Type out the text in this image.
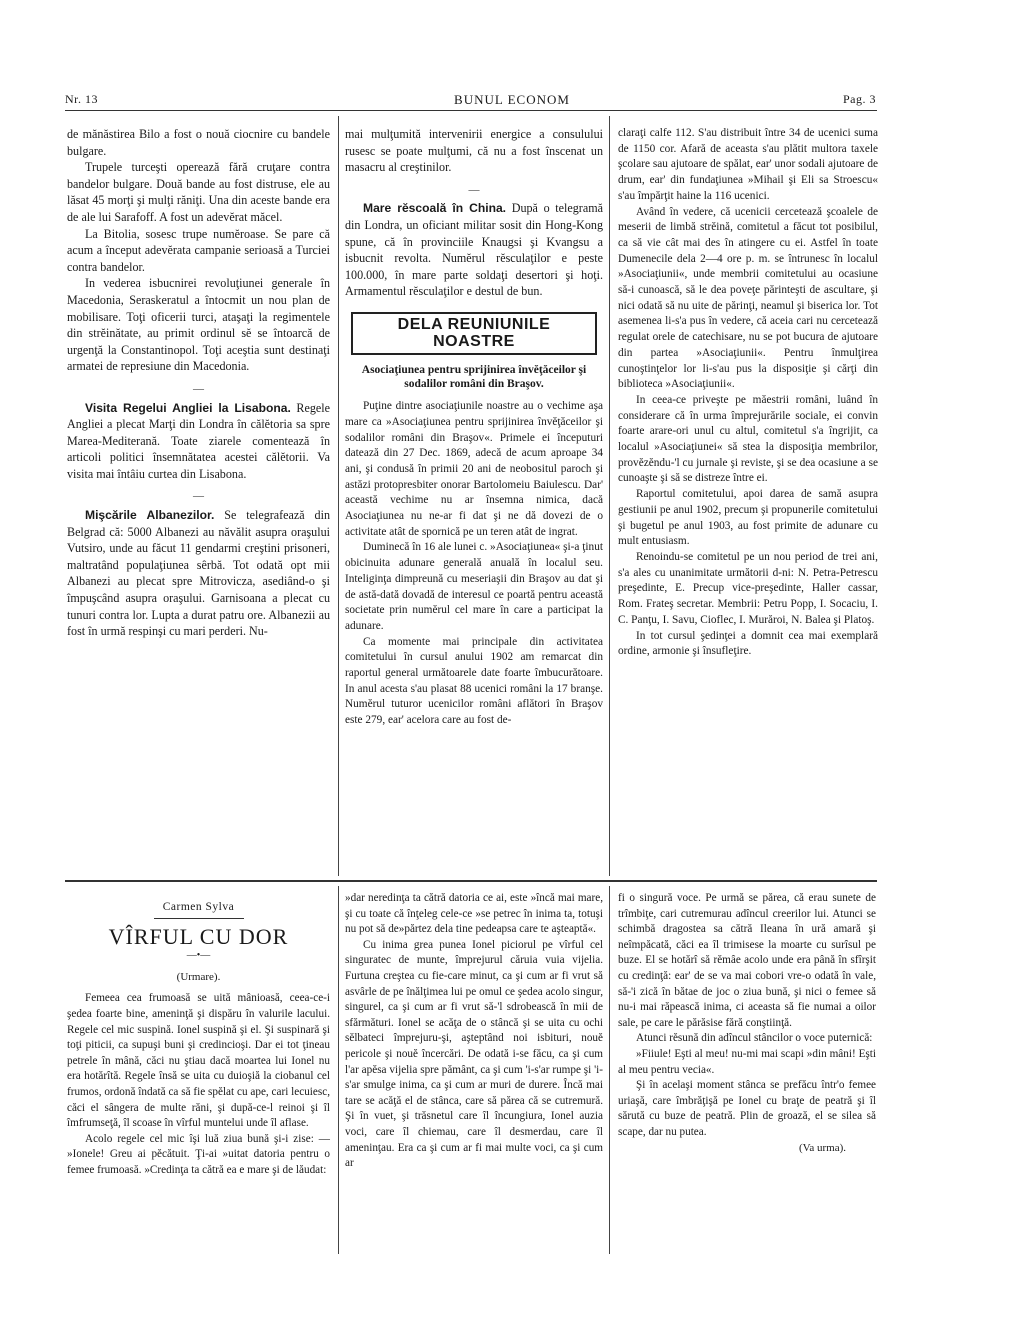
Nr. 13	BUNUL ECONOM	Pag. 3

de mănăstirea Bilo a fost o nouă ciocnire cu bandele bulgare.

Trupele turceşti operează fără cruţare contra bandelor bulgare. Două bande au fost distruse, ele au lăsat 45 morţi şi mulţi răniţi. Una din aceste bande era de ale lui Sarafoff. A fost un adevĕrat măcel.

La Bitolia, sosesc trupe numĕroase. Se pare că acum a început adevĕrata campanie serioasă a Turciei contra bandelor.

In vederea isbucnirei revoluţiunei generale în Macedonia, Seraskeratul a întocmit un nou plan de mobilisare. Toţi oficerii turci, ataşaţi la regimentele din strĕinătate, au primit ordinul sĕ se întoarcă de urgenţă la Constantinopol. Toţi aceştia sunt destinaţi armatei de represiune din Macedonia.

—

Visita Regelui Angliei la Lisabona. Regele Angliei a plecat Marţi din Londra în călĕtoria sa spre Marea-Mediterană. Toate ziarele comentează în articoli politici însemnătatea acestei călĕtorii. Va visita mai întâiu curtea din Lisabona.

—

Mişcările Albanezilor. Se telegrafează din Belgrad că: 5000 Albanezi au năvălit asupra oraşului Vutsiro, unde au făcut 11 gendarmi creştini prisoneri, maltratând populaţiunea sêrbă. Tot odată opt mii Albanezi au plecat spre Mitrovicza, asediând-o şi împuşcând asupra oraşului. Garnisoana a plecat cu tunuri contra lor. Lupta a durat patru ore. Albanezii au fost în urmă respinşi cu mari perderi. Nu-

mai mulţumită intervenirii energice a consulului rusesc se poate mulţumi, că nu a fost înscenat un masacru al creştinilor.

—

Mare rĕscoală în China. După o telegramă din Londra, un oficiant militar sosit din Hong-Kong spune, că în provinciile Knaugsi şi Kvangsu a isbucnit revolta. Numĕrul rĕsculaţilor e peste 100.000, în mare parte soldaţi desertori şi hoţi. Armamentul rĕsculaţilor e destul de bun.

DELA REUNIUNILE NOASTRE
Asociaţiunea pentru sprijinirea învĕţăceilor şi sodalilor români din Braşov.

Puţine dintre asociaţiunile noastre au o vechime aşa mare ca »Asociaţiunea pentru sprijinirea învĕţăceilor şi sodalilor români din Braşov«. Primele ei începuturi datează din 27 Dec. 1869, adecă de acum aproape 34 ani, şi condusă în primii 20 ani de neobositul paroch şi astăzi protopresbiter onorar Bartolomeiu Baiulescu. Dar' această vechime nu ar însemna nimica, dacă Asociaţiunea nu ne-ar fi dat şi ne dă dovezi de o activitate atât de spornică pe un teren atât de ingrat.

Duminecă în 16 ale lunei c. »Asociaţiunea« şi-a ţinut obicinuita adunare generală anuală în localul seu. Inteliginţa dimpreună cu meseriaşii din Braşov au dat şi de astă-dată dovadă de interesul ce poartă pentru această societate prin numĕrul cel mare în care a participat la adunare.

Ca momente mai principale din activitatea comitetului în cursul anului 1902 am remarcat din raportul general următoarele date foarte îmbucurătoare. In anul acesta s'au plasat 88 ucenici români la 17 branşe. Numĕrul tuturor ucenicilor români aflători în Braşov este 279, ear' acelora care au fost de-

claraţi calfe 112. S'au distribuit între 34 de ucenici suma de 1150 cor. Afară de aceasta s'au plătit multora taxele şcolare sau ajutoare de spălat, ear' unor sodali ajutoare de drum, ear' din fundaţiunea »Mihail şi Eli sa Stroescu« s'au împărţit haine la 116 ucenici.

Având în vedere, că ucenicii cercetează şcoalele de meserii de limbă strĕină, comitetul a făcut tot posibilul, ca să vie cât mai des în atingere cu ei. Astfel în toate Dumenecile dela 2—4 ore p. m. se întrunesc în localul »Asociaţiunii«, unde membrii comitetului au ocasiune să-i cunoască, să le dea poveţe părinteşti de ascultare, şi nici odată să nu uite de părinţi, neamul şi biserica lor. Tot asemenea li-s'a pus în vedere, că aceia cari nu cercetează regulat orele de catechisare, nu se pot bucura de ajutoare din partea »Asociaţiunii«. Pentru înmulţirea cunoştinţelor lor li-s'au pus la disposiţie şi cărţi din biblioteca »Asociaţiunii«.

In ceea-ce priveşte pe măestrii români, luând în considerare că în urma împrejurările sociale, ei convin foarte arare-ori unul cu altul, comitetul s'a îngrijit, ca localul »Asociaţiunei« să stea la disposiţia membrilor, provĕzĕndu-'l cu jurnale şi reviste, şi se dea ocasiune a se cunoaşte şi să se distreze între ei.

Raportul comitetului, apoi darea de samă asupra gestiunii pe anul 1902, precum şi propunerile comitetului şi bugetul pe anul 1903, au fost primite de adunare cu mult entusiasm.

Renoindu-se comitetul pe un nou period de trei ani, s'a ales cu unanimitate următorii d-ni: N. Petra-Petrescu preşedinte, E. Precup vice-preşedinte, Haller cassar, Rom. Frateş secretar. Membrii: Petru Popp, I. Socaciu, I. C. Panţu, I. Savu, Cioflec, I. Murăroi, N. Balea şi Platoş.

In tot cursul şedinţei a domnit cea mai exemplară ordine, armonie şi însufleţire.

Carmen Sylva
VÎRFUL CU DOR
—•—
(Urmare).

Femeea cea frumoasă se uită mânioasă, ceea-ce-i şedea foarte bine, ameninţă şi dispăru în valurile lacului. Regele cel mic suspină. Ionel suspină şi el. Şi suspinară şi toţi piticii, ca supuşi buni şi credincioşi. Dar ei tot ţineau petrele în mână, căci nu ştiau dacă moartea lui Ionel nu era hotărîtă. Regele însă se uita cu duioşiă la ciobanul cel frumos, ordonă îndată ca să fie spĕlat cu ape, cari lecuiesc, căci el sângera de multe răni, şi după-ce-l reinoi şi îl îmfrumseţă, îl scoase în vîrful muntelui unde îl aflase.

Acolo regele cel mic îşi luă ziua bună şi-i zise: — »Ionele! Greu ai pĕcătuit. Ţi-ai »uitat datoria pentru o femee frumoasă. »Credinţa ta cătră ea e mare şi de lăudat:

»dar neredinţa ta cătră datoria ce ai, este »încă mai mare, şi cu toate că înţeleg cele-ce »se petrec în inima ta, totuşi nu pot să de»părtez dela tine pedeapsa care te aşteaptă«.

Cu inima grea punea Ionel piciorul pe vîrful cel singuratec de munte, împrejurul căruia vuia vijelia. Furtuna creştea cu fie-care minut, ca şi cum ar fi vrut să asvârle de pe înălţimea lui pe omul ce şedea acolo singur, singurel, ca şi cum ar fi vrut să-'l sdrobească în mii de sfărmături. Ionel se acăţa de o stâncă şi se uita cu ochi sĕlbateci împrejuru-şi, aşteptând noi isbituri, nouĕ pericole şi nouĕ încercări. De odată i-se făcu, ca şi cum l'ar apĕsa vijelia spre pământ, ca şi cum 'i-s'ar rumpe şi 'i-s'ar smulge inima, ca şi cum ar muri de durere. Încă mai tare se acăţă el de stânca, care să părea că se cutremură. Şi în vuet, şi trăsnetul care îl încungiura, Ionel auzia voci, care îl chiemau, care îl desmerdau, care îl ameninţau. Era ca şi cum ar fi mai multe voci, ca şi cum ar

fi o singură voce. Pe urmă se părea, că erau sunete de trîmbiţe, cari cutremurau adîncul creerilor lui. Atunci se schimbă dragostea sa cătră Ileana în ură amară şi neîmpăcată, căci ea îl trimisese la moarte cu surîsul pe buze. El se hotărî să rĕmâe acolo unde era până în sfîrşit cu credinţă: ear' de se va mai cobori vre-o odată în vale, să-'i zică în bătae de joc o ziua bună, şi nici o femee să nu-i mai răpească inima, ci aceasta să fie numai a oilor sale, pe care le părăsise fără conştiinţă.

Atunci rĕsună din adîncul stâncilor o voce puternică:

»Fiiule! Eşti al meu! nu-mi mai scapi »din mâni! Eşti al meu pentru vecia«.

Şi în acelaşi moment stânca se prefăcu într'o femee uriaşă, care îmbrăţişă pe Ionel cu braţe de peatră şi îl sărută cu buze de peatră. Plin de groază, el se silea să scape, dar nu putea.

(Va urma).
